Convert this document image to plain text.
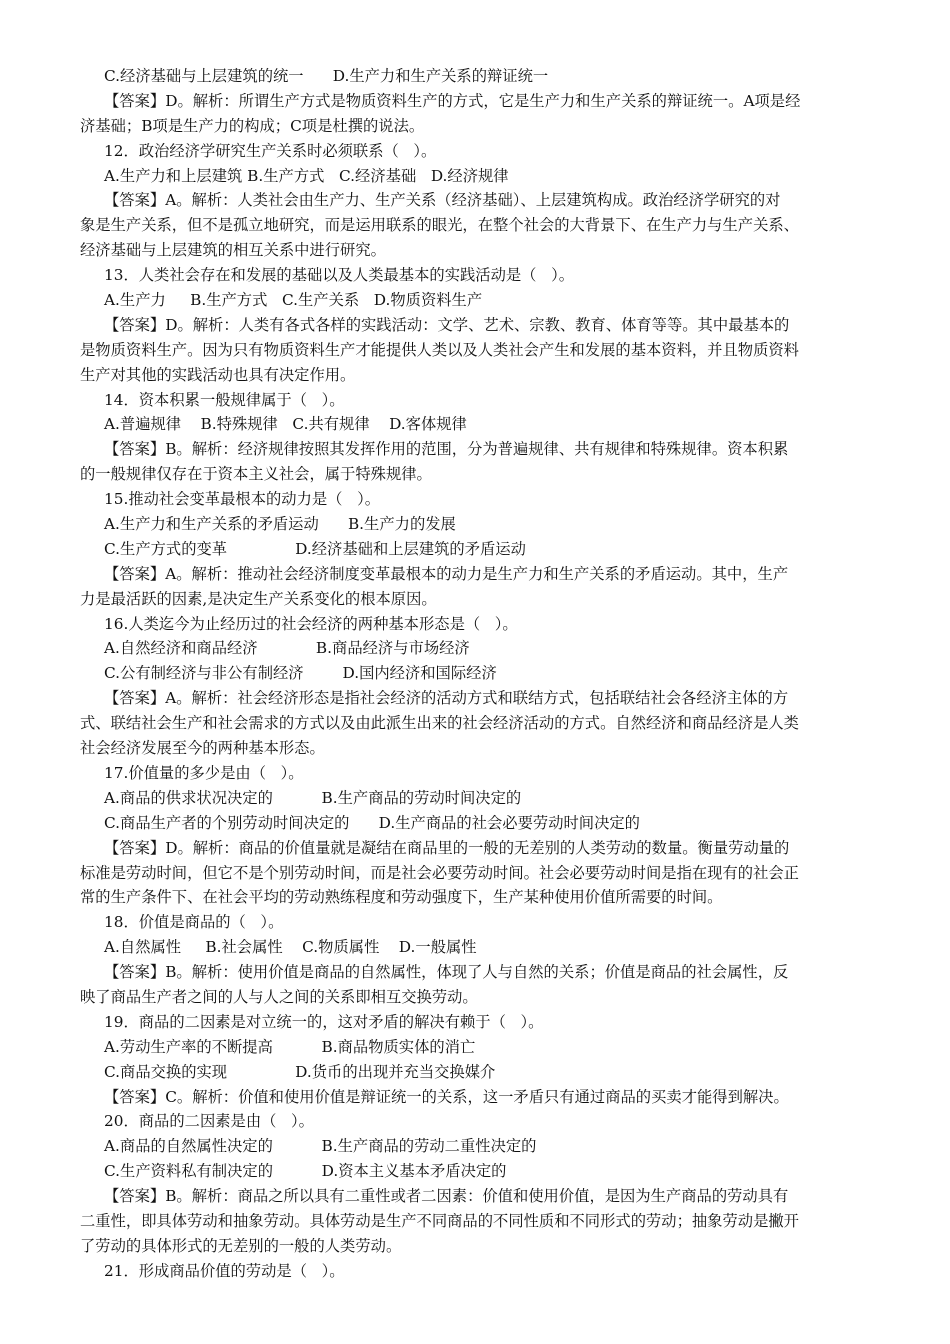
C.经济基础与上层建筑的统一      D.生产力和生产关系的辩证统一
【答案】D。解析：所谓生产方式是物质资料生产的方式，它是生产力和生产关系的辩证统一。A项是经
济基础；B项是生产力的构成；C项是杜撰的说法。
12．政治经济学研究生产关系时必须联系（   ）。
A.生产力和上层建筑 B.生产方式   C.经济基础   D.经济规律
【答案】A。解析：人类社会由生产力、生产关系（经济基础）、上层建筑构成。政治经济学研究的对
象是生产关系，但不是孤立地研究，而是运用联系的眼光，在整个社会的大背景下、在生产力与生产关系、
经济基础与上层建筑的相互关系中进行研究。
13．人类社会存在和发展的基础以及人类最基本的实践活动是（   ）。
A.生产力     B.生产方式   C.生产关系   D.物质资料生产
【答案】D。解析：人类有各式各样的实践活动：文学、艺术、宗教、教育、体育等等。其中最基本的
是物质资料生产。因为只有物质资料生产才能提供人类以及人类社会产生和发展的基本资料，并且物质资料
生产对其他的实践活动也具有决定作用。
14．资本积累一般规律属于（   ）。
A.普遍规律    B.特殊规律   C.共有规律    D.客体规律
【答案】B。解析：经济规律按照其发挥作用的范围，分为普遍规律、共有规律和特殊规律。资本积累
的一般规律仅存在于资本主义社会，属于特殊规律。
15.推动社会变革最根本的动力是（   ）。
A.生产力和生产关系的矛盾运动      B.生产力的发展
C.生产方式的变革              D.经济基础和上层建筑的矛盾运动
【答案】A。解析：推动社会经济制度变革最根本的动力是生产力和生产关系的矛盾运动。其中，生产
力是最活跃的因素,是决定生产关系变化的根本原因。
16.人类迄今为止经历过的社会经济的两种基本形态是（   ）。
A.自然经济和商品经济            B.商品经济与市场经济
C.公有制经济与非公有制经济        D.国内经济和国际经济
【答案】A。解析：社会经济形态是指社会经济的活动方式和联结方式，包括联结社会各经济主体的方
式、联结社会生产和社会需求的方式以及由此派生出来的社会经济活动的方式。自然经济和商品经济是人类
社会经济发展至今的两种基本形态。
17.价值量的多少是由（   ）。
A.商品的供求状况决定的          B.生产商品的劳动时间决定的
C.商品生产者的个别劳动时间决定的      D.生产商品的社会必要劳动时间决定的
【答案】D。解析：商品的价值量就是凝结在商品里的一般的无差别的人类劳动的数量。衡量劳动量的
标准是劳动时间，但它不是个别劳动时间，而是社会必要劳动时间。社会必要劳动时间是指在现有的社会正
常的生产条件下、在社会平均的劳动熟练程度和劳动强度下，生产某种使用价值所需要的时间。
18．价值是商品的（   ）。
A.自然属性     B.社会属性    C.物质属性    D.一般属性
【答案】B。解析：使用价值是商品的自然属性，体现了人与自然的关系；价值是商品的社会属性，反
映了商品生产者之间的人与人之间的关系即相互交换劳动。
19．商品的二因素是对立统一的，这对矛盾的解决有赖于（   ）。
A.劳动生产率的不断提高          B.商品物质实体的消亡
C.商品交换的实现              D.货币的出现并充当交换媒介
【答案】C。解析：价值和使用价值是辩证统一的关系，这一矛盾只有通过商品的买卖才能得到解决。
20．商品的二因素是由（   ）。
A.商品的自然属性决定的          B.生产商品的劳动二重性决定的
C.生产资料私有制决定的          D.资本主义基本矛盾决定的
【答案】B。解析：商品之所以具有二重性或者二因素：价值和使用价值，是因为生产商品的劳动具有
二重性，即具体劳动和抽象劳动。具体劳动是生产不同商品的不同性质和不同形式的劳动；抽象劳动是撇开
了劳动的具体形式的无差别的一般的人类劳动。
21．形成商品价值的劳动是（   ）。
